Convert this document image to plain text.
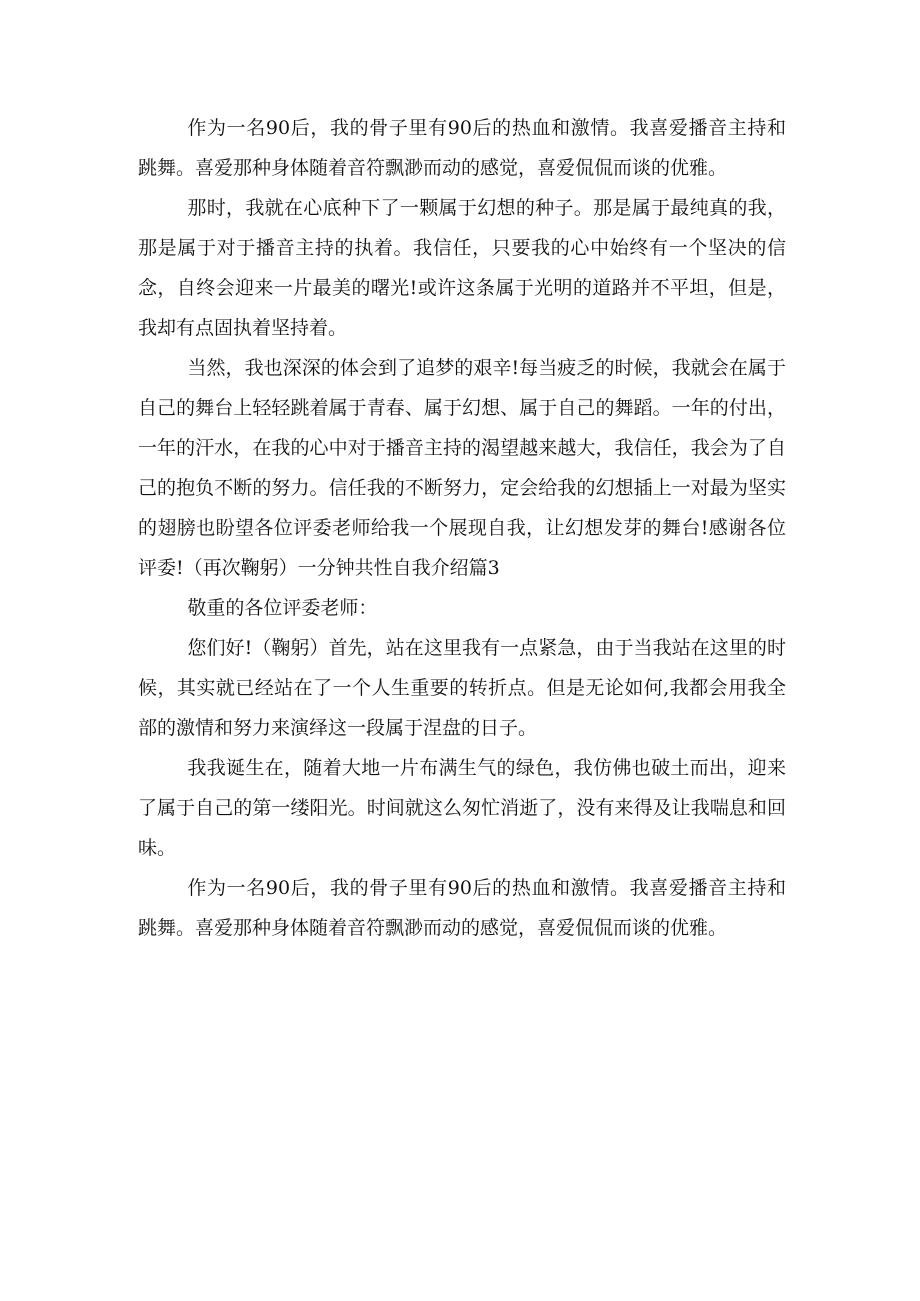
作为一名90后，我的骨子里有90后的热血和激情。我喜爱播音主持和跳舞。喜爱那种身体随着音符飘渺而动的感觉，喜爱侃侃而谈的优雅。

那时，我就在心底种下了一颗属于幻想的种子。那是属于最纯真的我，那是属于对于播音主持的执着。我信任，只要我的心中始终有一个坚决的信念，自终会迎来一片最美的曙光!或许这条属于光明的道路并不平坦，但是，我却有点固执着坚持着。

当然，我也深深的体会到了追梦的艰辛!每当疲乏的时候，我就会在属于自己的舞台上轻轻跳着属于青春、属于幻想、属于自己的舞蹈。一年的付出，一年的汗水，在我的心中对于播音主持的渴望越来越大，我信任，我会为了自己的抱负不断的努力。信任我的不断努力，定会给我的幻想插上一对最为坚实的翅膀也盼望各位评委老师给我一个展现自我，让幻想发芽的舞台!感谢各位评委!（再次鞠躬）一分钟共性自我介绍篇3

敬重的各位评委老师：

您们好!（鞠躬）首先，站在这里我有一点紧急，由于当我站在这里的时候，其实就已经站在了一个人生重要的转折点。但是无论如何,我都会用我全部的激情和努力来演绎这一段属于涅盘的日子。

我我诞生在，随着大地一片布满生气的绿色，我仿佛也破土而出，迎来了属于自己的第一缕阳光。时间就这么匆忙消逝了，没有来得及让我喘息和回味。

作为一名90后，我的骨子里有90后的热血和激情。我喜爱播音主持和跳舞。喜爱那种身体随着音符飘渺而动的感觉，喜爱侃侃而谈的优雅。
